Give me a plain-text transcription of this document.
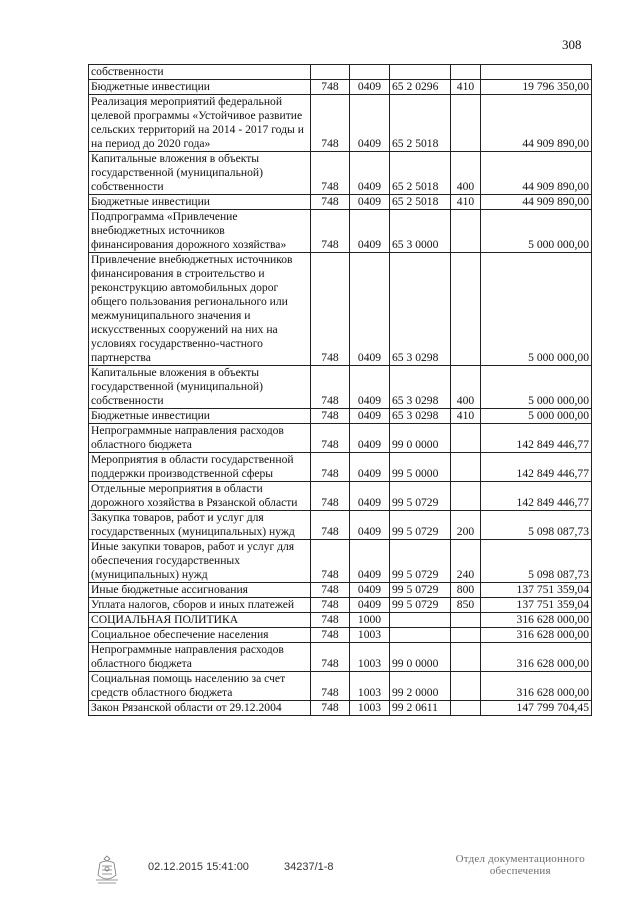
308
собственности					
Бюджетные инвестиции	748	0409	65 2 0296	410	19 796 350,00
Реализация мероприятий федеральной целевой программы «Устойчивое развитие сельских территорий на 2014 - 2017 годы и на период до 2020 года»	748	0409	65 2 5018		44 909 890,00
Капитальные вложения в объекты государственной (муниципальной) собственности	748	0409	65 2 5018	400	44 909 890,00
Бюджетные инвестиции	748	0409	65 2 5018	410	44 909 890,00
Подпрограмма «Привлечение внебюджетных источников финансирования дорожного хозяйства»	748	0409	65 3 0000		5 000 000,00
Привлечение внебюджетных источников финансирования в строительство и реконструкцию автомобильных дорог общего пользования регионального или межмуниципального значения и искусственных сооружений на них на условиях государственно-частного партнерства	748	0409	65 3 0298		5 000 000,00
Капитальные вложения в объекты государственной (муниципальной) собственности	748	0409	65 3 0298	400	5 000 000,00
Бюджетные инвестиции	748	0409	65 3 0298	410	5 000 000,00
Непрограммные направления расходов областного бюджета	748	0409	99 0 0000		142 849 446,77
Мероприятия в области государственной поддержки производственной сферы	748	0409	99 5 0000		142 849 446,77
Отдельные мероприятия в области дорожного хозяйства в Рязанской области	748	0409	99 5 0729		142 849 446,77
Закупка товаров, работ и услуг для государственных (муниципальных) нужд	748	0409	99 5 0729	200	5 098 087,73
Иные закупки товаров, работ и услуг для обеспечения государственных (муниципальных) нужд	748	0409	99 5 0729	240	5 098 087,73
Иные бюджетные ассигнования	748	0409	99 5 0729	800	137 751 359,04
Уплата налогов, сборов и иных платежей	748	0409	99 5 0729	850	137 751 359,04
СОЦИАЛЬНАЯ ПОЛИТИКА	748	1000			316 628 000,00
Социальное обеспечение населения	748	1003			316 628 000,00
Непрограммные направления расходов областного бюджета	748	1003	99 0 0000		316 628 000,00
Социальная помощь населению за счет средств областного бюджета	748	1003	99 2 0000		316 628 000,00
Закон Рязанской области от 29.12.2004	748	1003	99 2 0611		147 799 704,45
02.12.2015 15:41:00	34237/1-8
Отдел документационного
обеспечения
